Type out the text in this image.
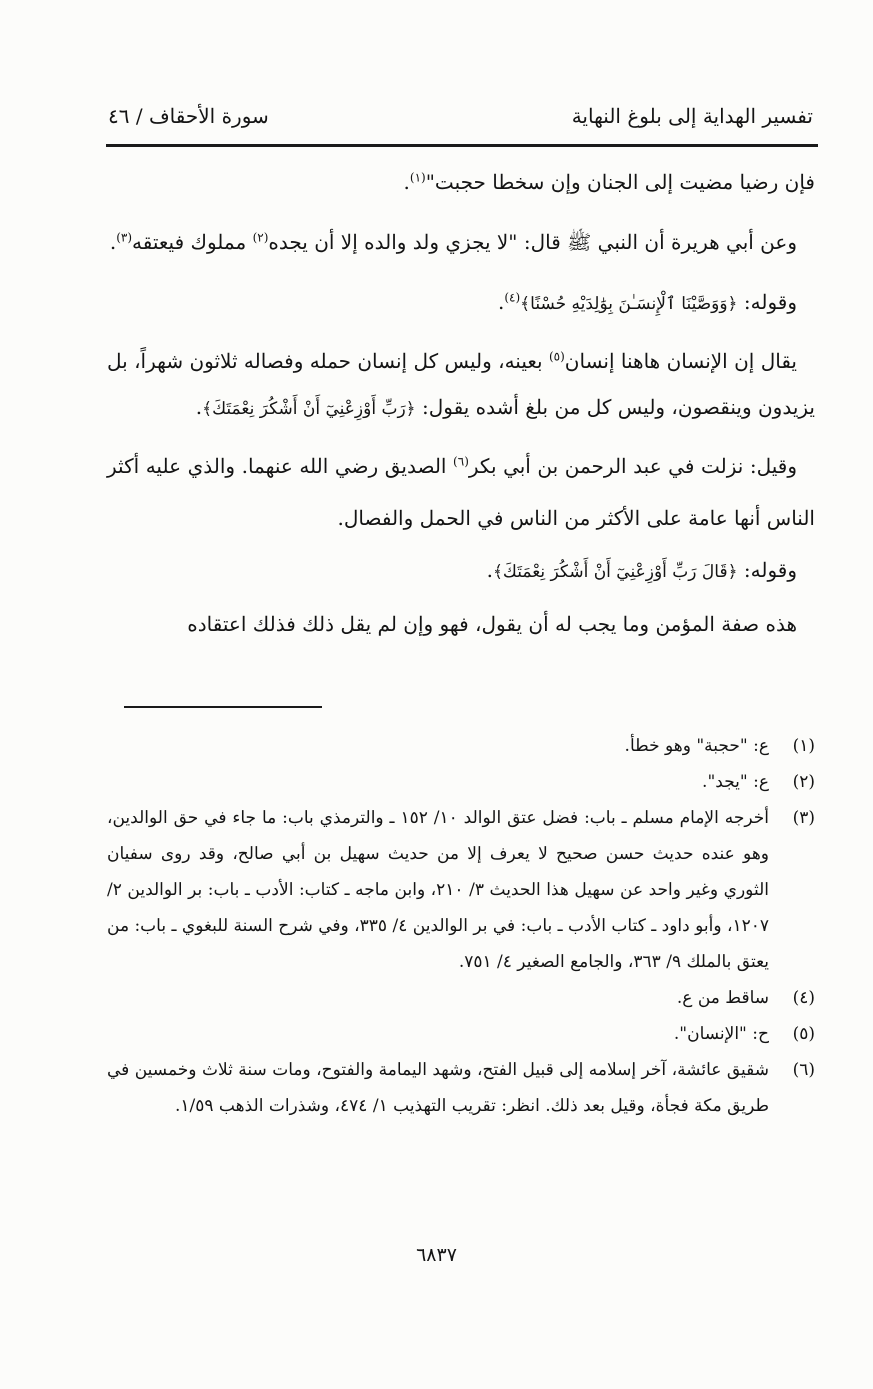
تفسير الهداية إلى بلوغ النهاية
سورة الأحقاف / ٤٦

فإن رضيا مضيت إلى الجنان وإن سخطا حجبت"$^{(١)}$.

وعن أبي هريرة أن النبي ﷺ قال: "لا يجزي ولد والده إلا أن يجده$^{(٢)}$ مملوك فيعتقه$^{(٣)}$.

وقوله: ﴿وَوَصَّيْنَا ٱلْإِنسَـٰنَ بِوَٰلِدَيْهِ حُسْنًا﴾$^{(٤)}$.

يقال إن الإنسان هاهنا إنسان$^{(٥)}$ بعينه، وليس كل إنسان حمله وفصاله ثلاثون شهراً، بل يزيدون وينقصون، وليس كل من بلغ أشده يقول: ﴿رَبِّ أَوْزِعْنِيٓ أَنْ أَشْكُرَ نِعْمَتَكَ﴾.

وقيل: نزلت في عبد الرحمن بن أبي بكر$^{(٦)}$ الصديق رضي الله عنهما. والذي عليه أكثر الناس أنها عامة على الأكثر من الناس في الحمل والفصال.

وقوله: ﴿قَالَ رَبِّ أَوْزِعْنِيٓ أَنْ أَشْكُرَ نِعْمَتَكَ﴾.

هذه صفة المؤمن وما يجب له أن يقول، فهو وإن لم يقل ذلك فذلك اعتقاده

(١)
ع: "حجبة" وهو خطأ.
(٢)
ع: "يجد".
(٣)
أخرجه الإمام مسلم ـ باب: فضل عتق الوالد ١٠/ ١٥٢ ـ والترمذي باب: ما جاء في حق الوالدين، وهو عنده حديث حسن صحيح لا يعرف إلا من حديث سهيل بن أبي صالح، وقد روى سفيان الثوري وغير واحد عن سهيل هذا الحديث ٣/ ٢١٠، وابن ماجه ـ كتاب: الأدب ـ باب: بر الوالدين ٢/ ١٢٠٧، وأبو داود ـ كتاب الأدب ـ باب: في بر الوالدين ٤/ ٣٣٥، وفي شرح السنة للبغوي ـ باب: من يعتق بالملك ٩/ ٣٦٣، والجامع الصغير ٤/ ٧٥١.
(٤)
ساقط من ع.
(٥)
ح: "الإنسان".
(٦)
شقيق عائشة، آخر إسلامه إلى قبيل الفتح، وشهد اليمامة والفتوح، ومات سنة ثلاث وخمسين في طريق مكة فجأة، وقيل بعد ذلك. انظر: تقريب التهذيب ١/ ٤٧٤، وشذرات الذهب ١/٥٩.
٦٨٣٧
